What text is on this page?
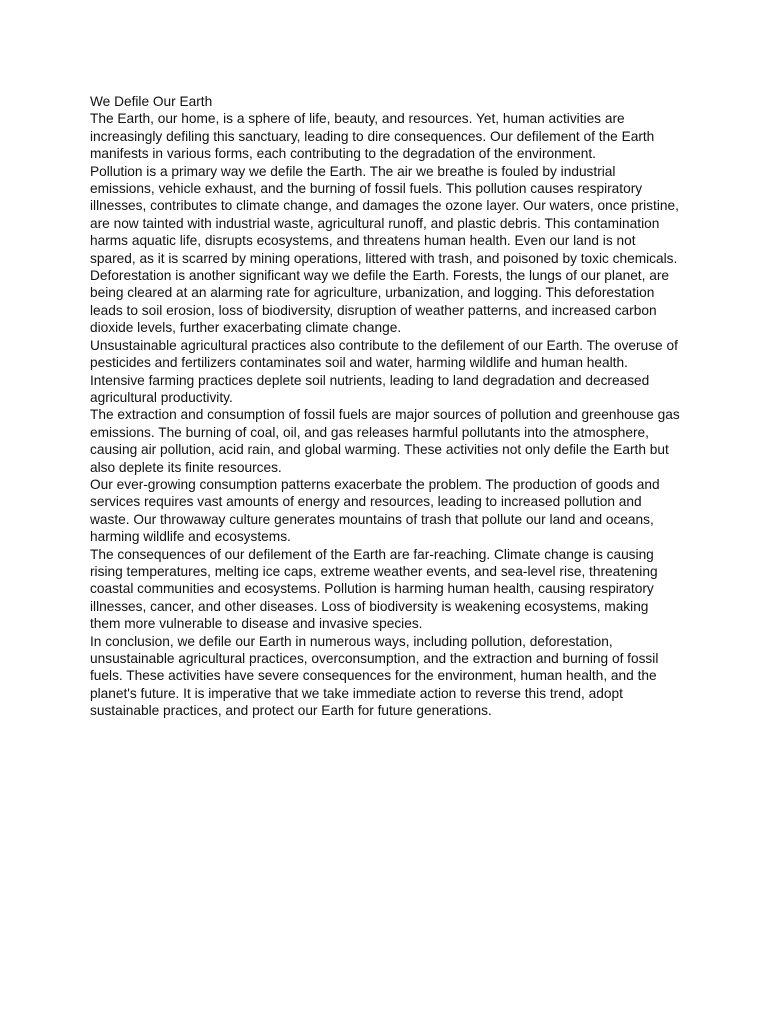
We Defile Our Earth

The Earth, our home, is a sphere of life, beauty, and resources. Yet, human activities are increasingly defiling this sanctuary, leading to dire consequences. Our defilement of the Earth manifests in various forms, each contributing to the degradation of the environment.

Pollution is a primary way we defile the Earth. The air we breathe is fouled by industrial emissions, vehicle exhaust, and the burning of fossil fuels. This pollution causes respiratory illnesses, contributes to climate change, and damages the ozone layer. Our waters, once pristine, are now tainted with industrial waste, agricultural runoff, and plastic debris. This contamination harms aquatic life, disrupts ecosystems, and threatens human health. Even our land is not spared, as it is scarred by mining operations, littered with trash, and poisoned by toxic chemicals.

Deforestation is another significant way we defile the Earth. Forests, the lungs of our planet, are being cleared at an alarming rate for agriculture, urbanization, and logging. This deforestation leads to soil erosion, loss of biodiversity, disruption of weather patterns, and increased carbon dioxide levels, further exacerbating climate change.

Unsustainable agricultural practices also contribute to the defilement of our Earth. The overuse of pesticides and fertilizers contaminates soil and water, harming wildlife and human health. Intensive farming practices deplete soil nutrients, leading to land degradation and decreased agricultural productivity.

The extraction and consumption of fossil fuels are major sources of pollution and greenhouse gas emissions. The burning of coal, oil, and gas releases harmful pollutants into the atmosphere, causing air pollution, acid rain, and global warming. These activities not only defile the Earth but also deplete its finite resources.

Our ever-growing consumption patterns exacerbate the problem. The production of goods and services requires vast amounts of energy and resources, leading to increased pollution and waste. Our throwaway culture generates mountains of trash that pollute our land and oceans, harming wildlife and ecosystems.

The consequences of our defilement of the Earth are far-reaching. Climate change is causing rising temperatures, melting ice caps, extreme weather events, and sea-level rise, threatening coastal communities and ecosystems. Pollution is harming human health, causing respiratory illnesses, cancer, and other diseases. Loss of biodiversity is weakening ecosystems, making them more vulnerable to disease and invasive species.

In conclusion, we defile our Earth in numerous ways, including pollution, deforestation, unsustainable agricultural practices, overconsumption, and the extraction and burning of fossil fuels. These activities have severe consequences for the environment, human health, and the planet's future. It is imperative that we take immediate action to reverse this trend, adopt sustainable practices, and protect our Earth for future generations.
